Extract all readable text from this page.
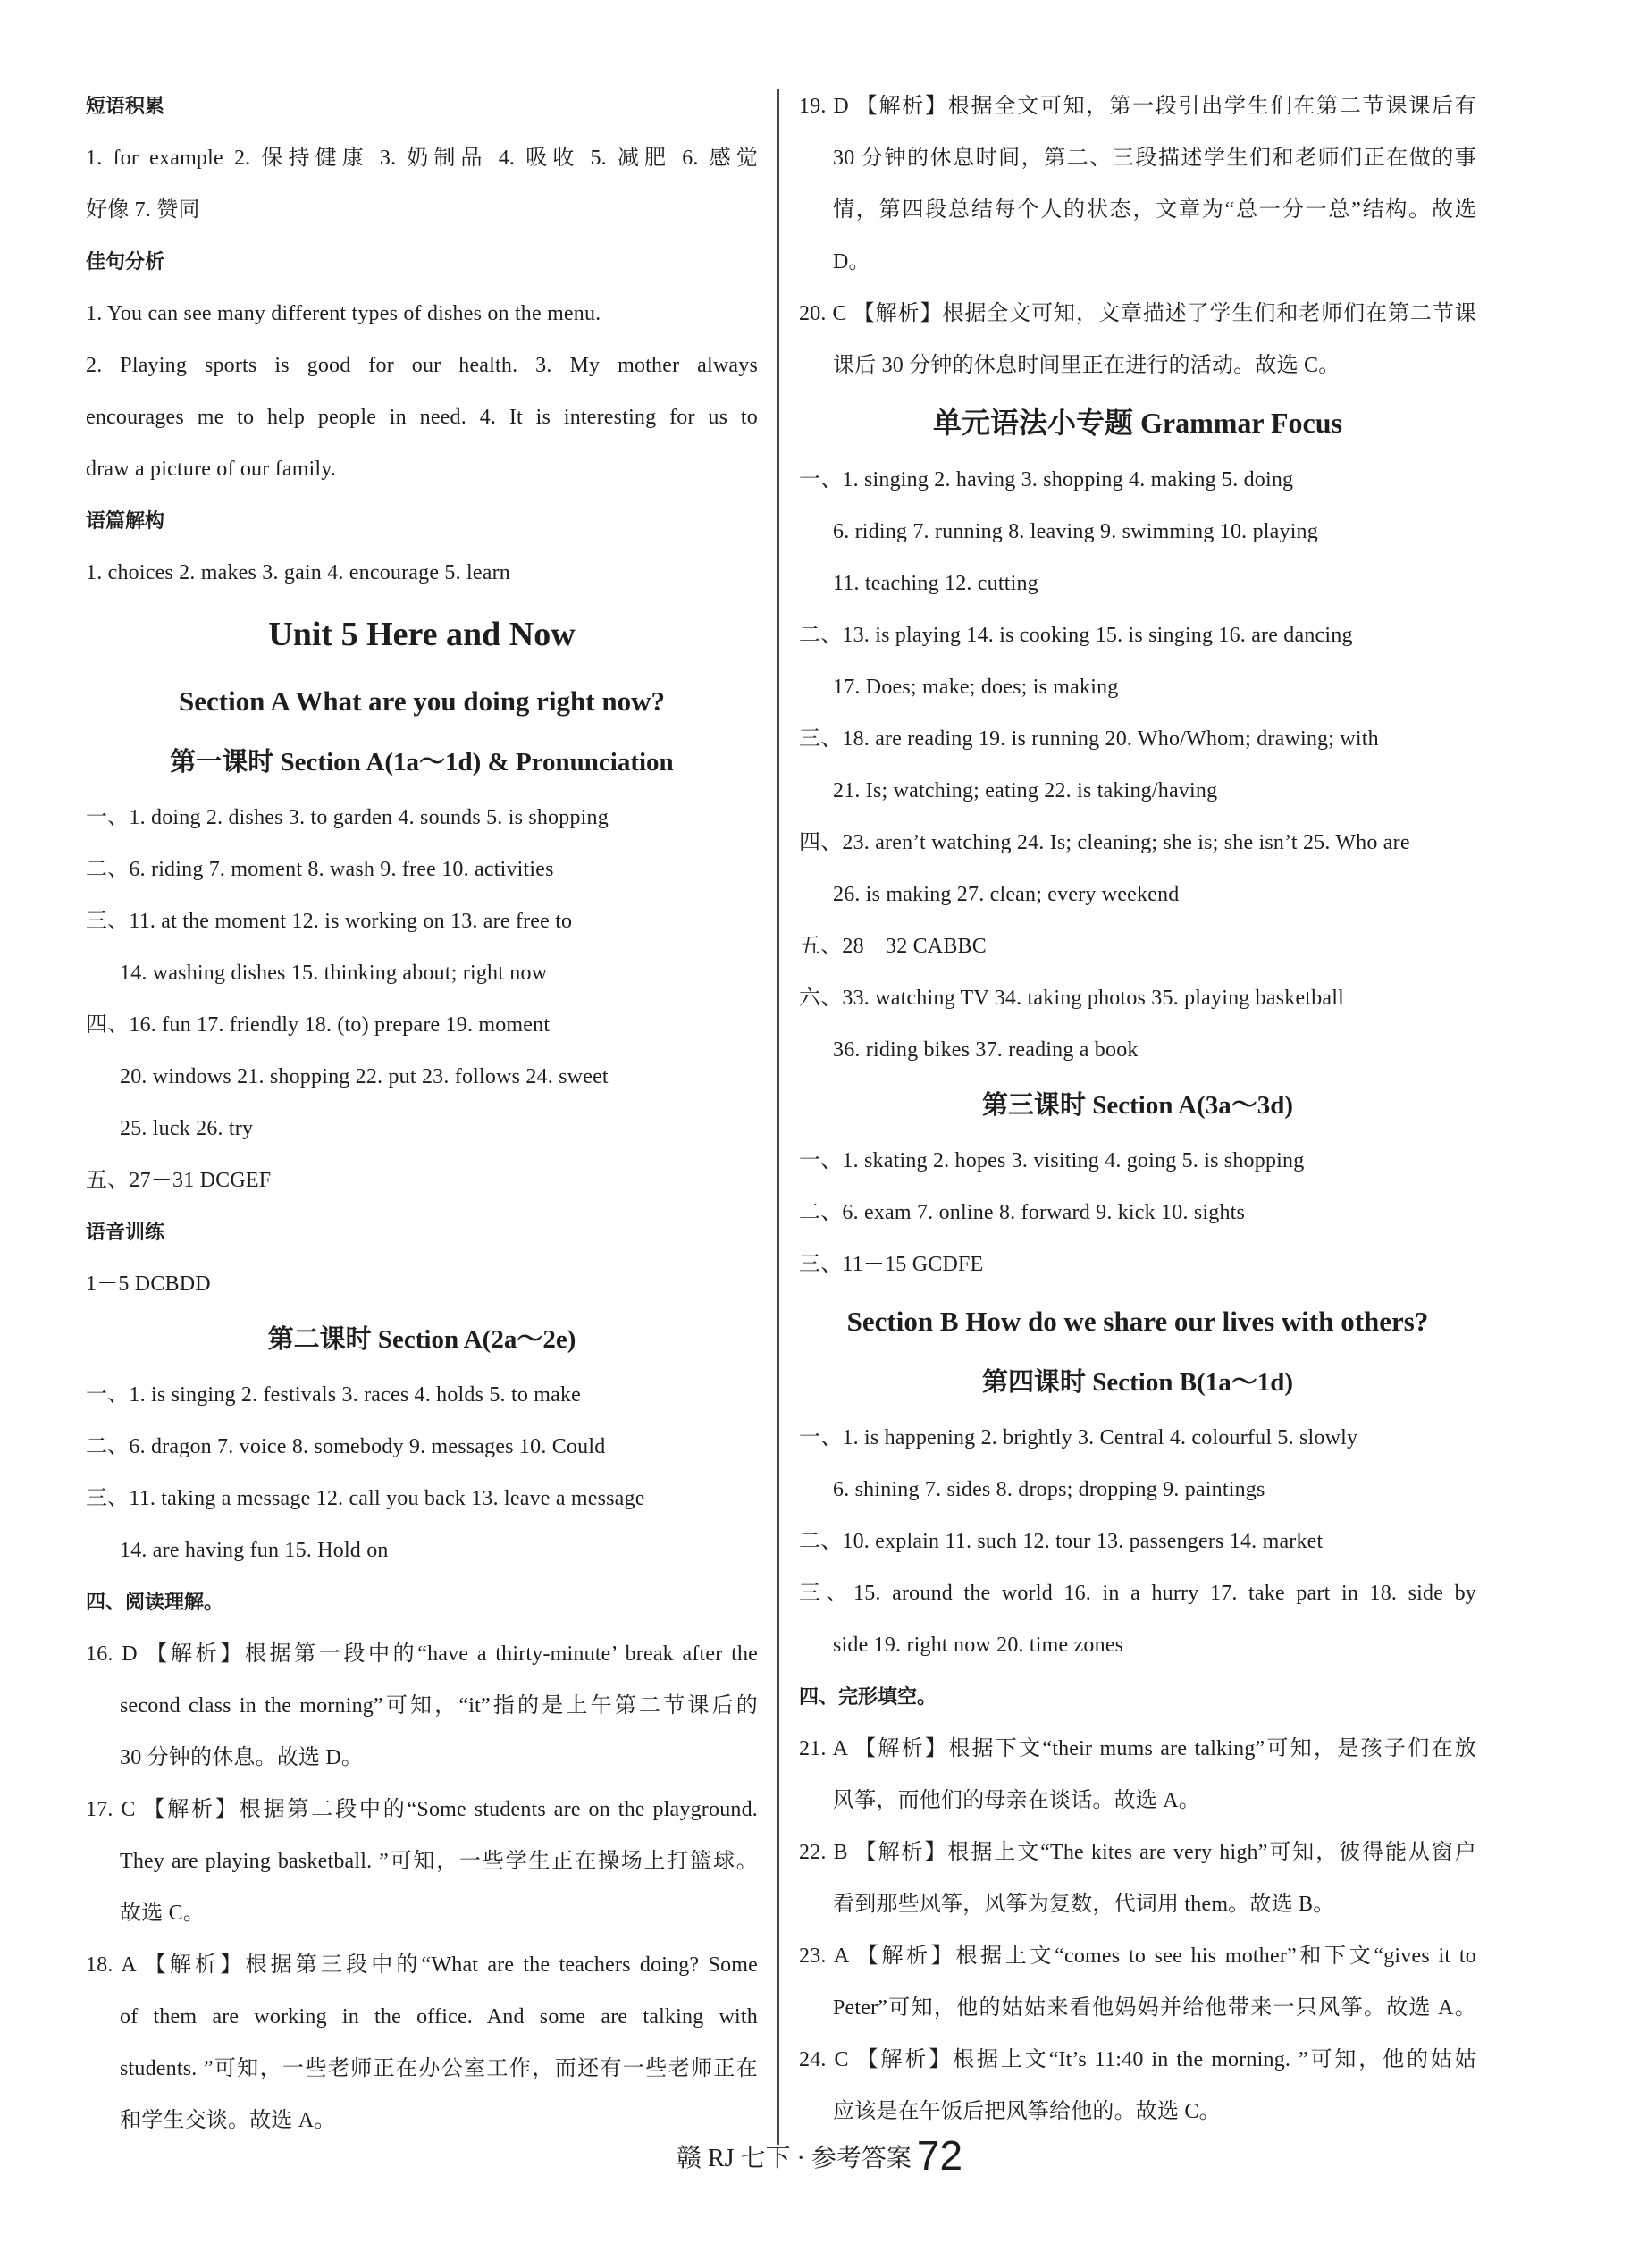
短语积累
1. for example 2. 保持健康 3. 奶制品 4. 吸收 5. 减肥 6. 感觉
好像 7. 赞同
佳句分析
1. You can see many different types of dishes on the menu.
2. Playing sports is good for our health. 3. My mother always
encourages me to help people in need. 4. It is interesting for us to
draw a picture of our family.
语篇解构
1. choices 2. makes 3. gain 4. encourage 5. learn
Unit 5 Here and Now
Section A What are you doing right now?
第一课时 Section A(1a～1d) & Pronunciation
一、1. doing 2. dishes 3. to garden 4. sounds 5. is shopping
二、6. riding 7. moment 8. wash 9. free 10. activities
三、11. at the moment 12. is working on 13. are free to
14. washing dishes 15. thinking about; right now
四、16. fun 17. friendly 18. (to) prepare 19. moment
20. windows 21. shopping 22. put 23. follows 24. sweet
25. luck 26. try
五、27－31 DCGEF
语音训练
1－5 DCBDD
第二课时 Section A(2a～2e)
一、1. is singing 2. festivals 3. races 4. holds 5. to make
二、6. dragon 7. voice 8. somebody 9. messages 10. Could
三、11. taking a message 12. call you back 13. leave a message
14. are having fun 15. Hold on
四、阅读理解。
16. D 【解析】根据第一段中的“have a thirty-minute’ break after the
second class in the morning”可知，“it”指的是上午第二节课后的
30 分钟的休息。故选 D。
17. C 【解析】根据第二段中的“Some students are on the playground.
They are playing basketball. ”可知，一些学生正在操场上打篮球。
故选 C。
18. A 【解析】根据第三段中的“What are the teachers doing? Some
of them are working in the office. And some are talking with
students. ”可知，一些老师正在办公室工作，而还有一些老师正在
和学生交谈。故选 A。
19. D 【解析】根据全文可知，第一段引出学生们在第二节课课后有
30 分钟的休息时间，第二、三段描述学生们和老师们正在做的事
情，第四段总结每个人的状态，文章为“总一分一总”结构。故选
D。
20. C 【解析】根据全文可知，文章描述了学生们和老师们在第二节课
课后 30 分钟的休息时间里正在进行的活动。故选 C。
单元语法小专题 Grammar Focus
一、1. singing 2. having 3. shopping 4. making 5. doing
6. riding 7. running 8. leaving 9. swimming 10. playing
11. teaching 12. cutting
二、13. is playing 14. is cooking 15. is singing 16. are dancing
17. Does; make; does; is making
三、18. are reading 19. is running 20. Who/Whom; drawing; with
21. Is; watching; eating 22. is taking/having
四、23. aren’t watching 24. Is; cleaning; she is; she isn’t 25. Who are
26. is making 27. clean; every weekend
五、28－32 CABBC
六、33. watching TV 34. taking photos 35. playing basketball
36. riding bikes 37. reading a book
第三课时 Section A(3a～3d)
一、1. skating 2. hopes 3. visiting 4. going 5. is shopping
二、6. exam 7. online 8. forward 9. kick 10. sights
三、11－15 GCDFE
Section B How do we share our lives with others?
第四课时 Section B(1a～1d)
一、1. is happening 2. brightly 3. Central 4. colourful 5. slowly
6. shining 7. sides 8. drops; dropping 9. paintings
二、10. explain 11. such 12. tour 13. passengers 14. market
三、15. around the world 16. in a hurry 17. take part in 18. side by
side 19. right now 20. time zones
四、完形填空。
21. A 【解析】根据下文“their mums are talking”可知，是孩子们在放
风筝，而他们的母亲在谈话。故选 A。
22. B 【解析】根据上文“The kites are very high”可知，彼得能从窗户
看到那些风筝，风筝为复数，代词用 them。故选 B。
23. A 【解析】根据上文“comes to see his mother”和下文“gives it to
Peter”可知，他的姑姑来看他妈妈并给他带来一只风筝。故选 A。
24. C 【解析】根据上文“It’s 11:40 in the morning. ”可知，他的姑姑
应该是在午饭后把风筝给他的。故选 C。
赣 RJ 七下 · 参考答案 72
